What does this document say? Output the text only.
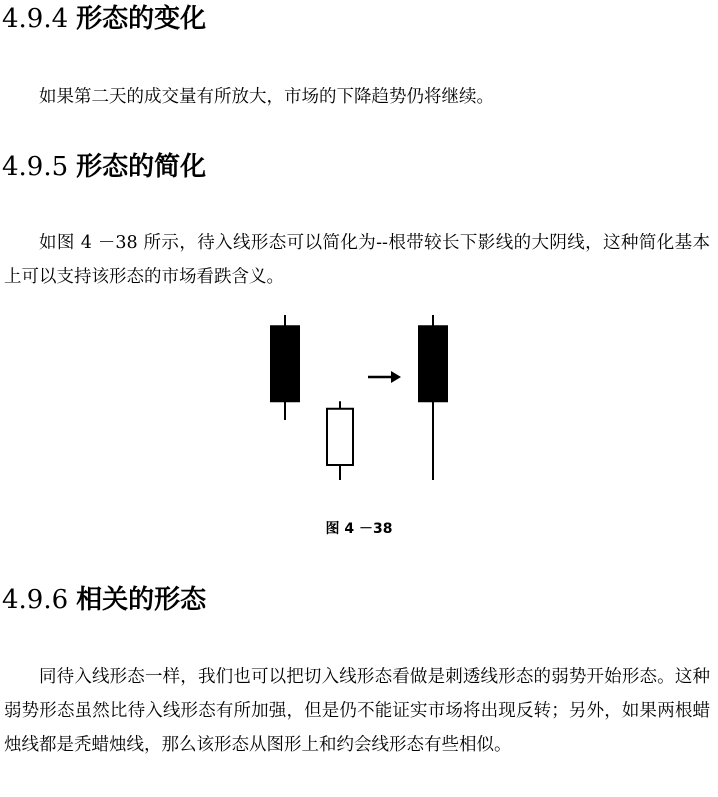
4.9.4 形态的变化

如果第二天的成交量有所放大，市场的下降趋势仍将继续。

4.9.5 形态的简化

如图 4 －38 所示，待入线形态可以简化为--根带较长下影线的大阴线，这种简化基本上可以支持该形态的市场看跌含义。

图 4 －38
4.9.6 相关的形态

同待入线形态一样，我们也可以把切入线形态看做是刺透线形态的弱势开始形态。这种弱势形态虽然比待入线形态有所加强，但是仍不能证实市场将出现反转；另外，如果两根蜡烛线都是秃蜡烛线，那么该形态从图形上和约会线形态有些相似。
